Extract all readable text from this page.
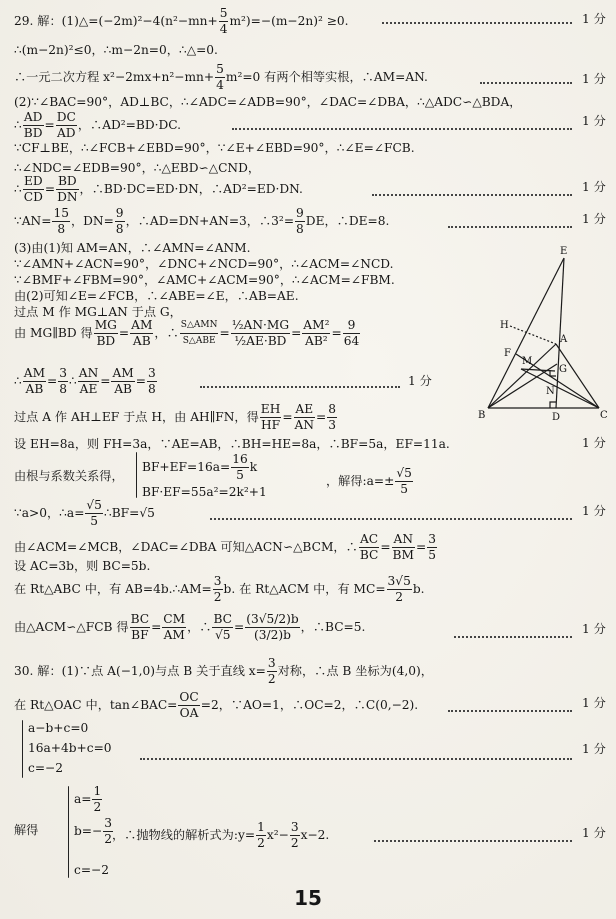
29. 解：(1)△=(−2m)²−4(n²−mn+ $\frac{5}{4} m^2)=-(m-2n)^2 \ge 0$.	1 分
∴(m−2n)²≤0，∴m−2n=0，∴△=0.
∴一元二次方程 $x^2-2mx+n^2-mn+ \frac{5}{4} m^2=0$ 有两个相等实根，∴AM=AN.	1 分
(2)∵∠BAC=90°，AD⊥BC，∴∠ADC=∠ADB=90°，∠DAC=∠DBA，∴△ADC∽△BDA，
∴ $\frac{AD}{BD} = \frac{DC}{AD}$ ，∴AD²=BD·DC.	1 分
∵CF⊥BE，∴∠FCB+∠EBD=90°，∵∠E+∠EBD=90°，∴∠E=∠FCB.
∴∠NDC=∠EDB=90°，∴△EBD∽△CND，
∴ $\frac{ED}{CD} = \frac{BD}{DN}$ ，∴BD·DC=ED·DN，∴AD²=ED·DN.	1 分
∵AN= $\frac{15}{8}$ ，$DN= \frac{9}{8}$ ，∴AD=DN+AN=3，∴3²= $\frac{9}{8}$ DE，∴DE=8.	1 分
(3)由(1)知 AM=AN，∴∠AMN=∠ANM.
∵∠AMN+∠ACN=90°，∠DNC+∠NCD=90°，∴∠ACM=∠NCD.
∵∠BMF+∠FBM=90°，∠AMC+∠ACM=90°，∴∠ACM=∠FBM.
由(2)可知∠E=∠FCB，∴∠ABE=∠E，∴AB=AE.
过点 M 作 MG⊥AN 于点 G，
由 MG∥BD 得 $\frac{MG}{BD} = \frac{AM}{AB}$ ，∴
S△AMN
S△ABE
= $\frac{\text{½AN·MG}}{\text{½AE·BD}} = \frac{\text{AM²}}{\text{AB²}} = \frac{9}{64}$
∴ $\frac{AM}{AB} = \frac{3}{8}$ ∴ $\frac{AN}{AE} = \frac{AM}{AB} = \frac{3}{8}$	1 分
过点 A 作 AH⊥EF 于点 H，由 AH∥FN，得 $\frac{EH}{HF} = \frac{AE}{AN} = \frac{8}{3}$
设 EH=8a，则 FH=3a，∵AE=AB，∴BH=HE=8a，∴BF=5a，EF=11a.	1 分
由根与系数关系得，
$BF+EF=16a= \frac{16}{5}$ k
BF·EF=55a²=2k²+1
，解得:a=± $\frac{√5}{5}$
∵a>0，∴a= $\frac{√5}{5}$ ∴BF=√5	1 分
由∠ACM=∠MCB，∠DAC=∠DBA 可知△ACN∽△BCM，∴ $\frac{AC}{BC} = \frac{AN}{BM} = \frac{3}{5}$
设 AC=3b，则 BC=5b.
在 Rt△ABC 中，有 AB=4b.∴AM= $\frac{3}{2} b$. 在 Rt△ACM 中，有 $MC= \frac{3√5}{2} b$.
由△ACM∽△FCB 得 $\frac{BC}{BF} = \frac{CM}{AM}$ ，∴ $\frac{BC}{√5} = \frac{(3√5/2)b}{(3/2)b}$ ，∴BC=5.	1 分
30. 解：(1)∵点 A(−1,0)与点 B 关于直线 $x= \frac{3}{2}$ 对称，∴点 B 坐标为(4,0)，
在 Rt△OAC 中，tan∠BAC= $\frac{OC}{OA} =2$，∵AO=1，∴OC=2，∴C(0,−2).	1 分
a−b+c=0
16a+4b+c=0
c=−2
1 分
解得
$a= \frac{1}{2}$
$b=- \frac{3}{2}$
c=−2
，∴抛物线的解析式为:y= $\frac{1}{2} x^2- \frac{3}{2} x-2$.	1 分
E
H
F
A
M
G
N
B	D	C
15
